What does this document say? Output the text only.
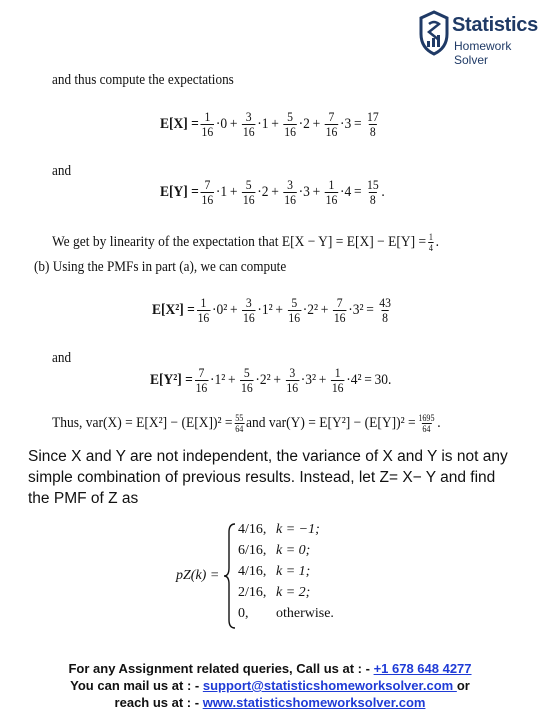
Statistics
Homework Solver
and thus compute the expectations
$E[X] = \frac{1}{16} \cdot 0 + \frac{3}{16} \cdot 1 + \frac{5}{16} \cdot 2 + \frac{7}{16} \cdot 3 = \frac{17}{8}$
and
$E[Y] = \frac{7}{16} \cdot 1 + \frac{5}{16} \cdot 2 + \frac{3}{16} \cdot 3 + \frac{1}{16} \cdot 4 = \frac{15}{8}$ .
We get by linearity of the expectation that $E[X - Y] = E[X] - E[Y] = \frac{1}{4}$ .
(b) Using the PMFs in part (a), we can compute
$E[X^2] = \frac{1}{16} \cdot 0^2 + \frac{3}{16} \cdot 1^2 + \frac{5}{16} \cdot 2^2 + \frac{7}{16} \cdot 3^2 = \frac{43}{8}$
and
$E[Y^2] = \frac{7}{16} \cdot 1^2 + \frac{5}{16} \cdot 2^2 + \frac{3}{16} \cdot 3^2 + \frac{1}{16} \cdot 4^2 = 30$.
Thus, $var(X) = E[X^2] - (E[X])^2 = \frac{55}{64}$ and $var(Y) = E[Y^2] - (E[Y])^2 = \frac{1695}{64}$ .
Since X and Y are not independent, the variance of X and Y is not any simple combination of previous results. Instead, let Z= X− Y and find the PMF of Z as
pZ(k) =
4/16, k = −1;
6/16, k = 0;
4/16, k = 1;
2/16, k = 2;
0, otherwise.
For any Assignment related queries, Call us at : - +1 678 648 4277
You can mail us at : - support@statisticshomeworksolver.com or
reach us at : - www.statisticshomeworksolver.com
